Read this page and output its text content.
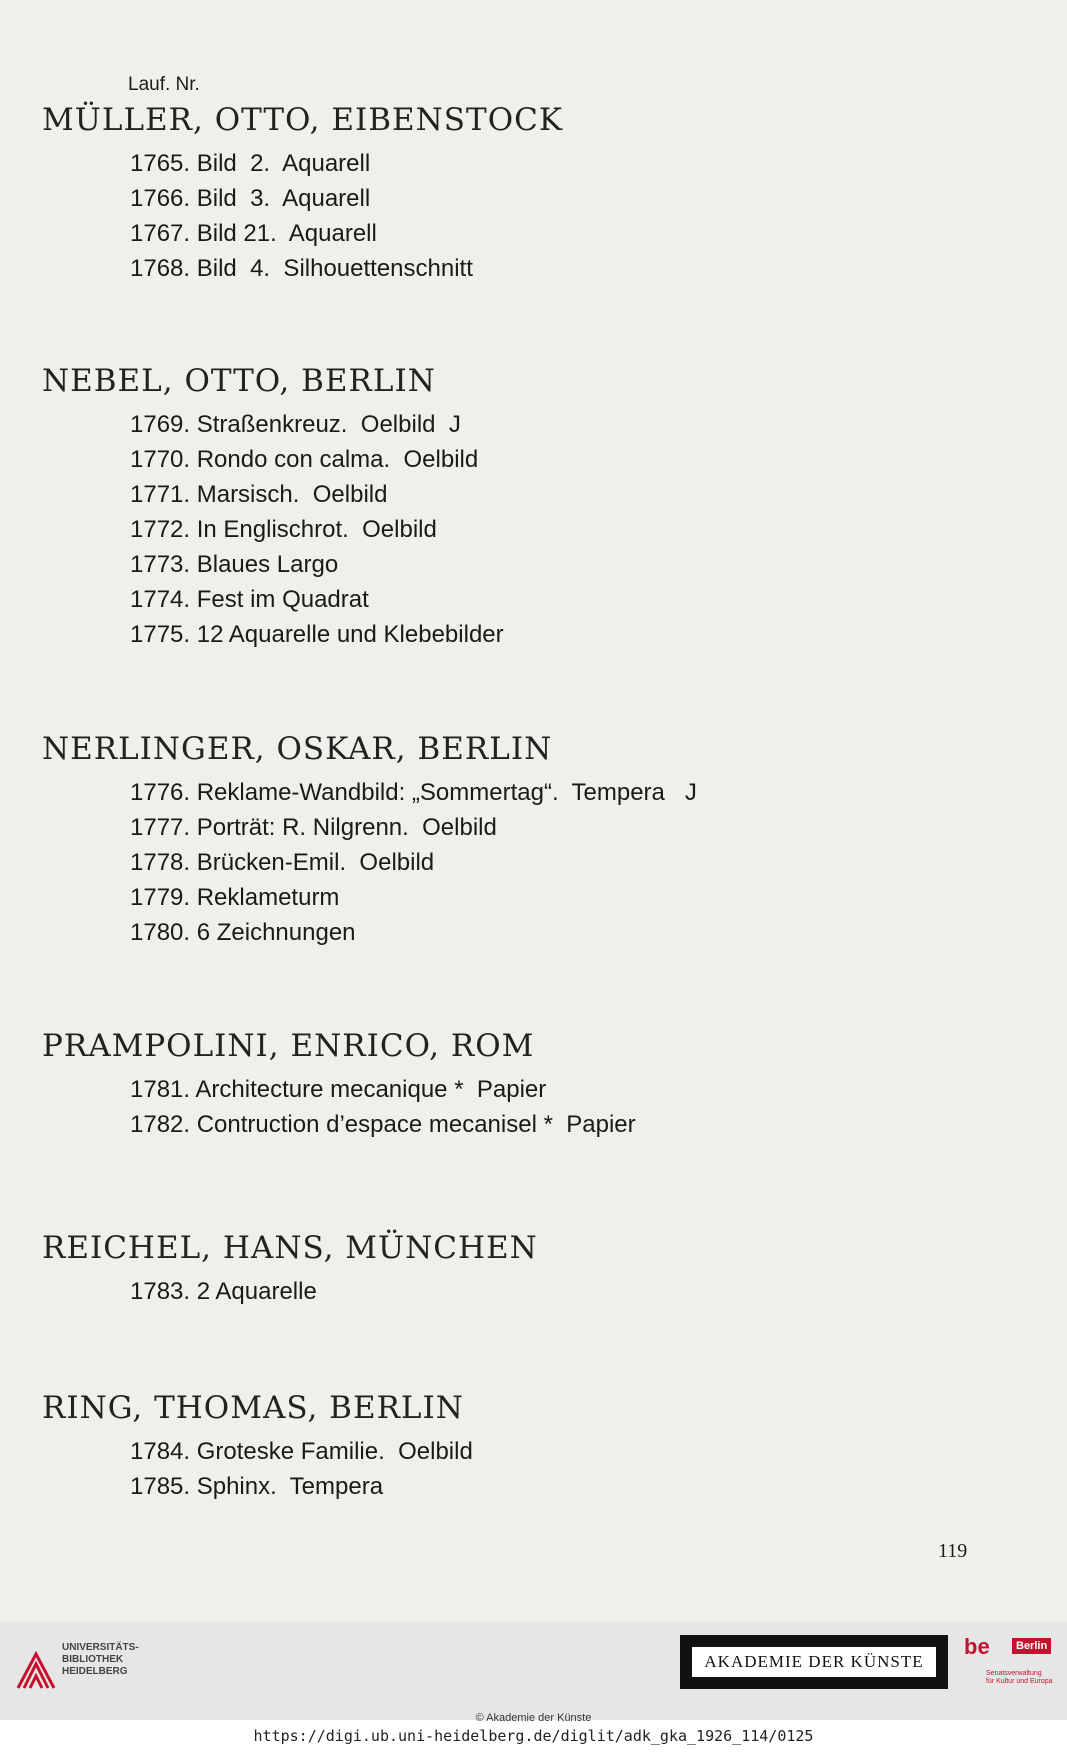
Lauf. Nr.
MÜLLER, OTTO, EIBENSTOCK
1765. Bild  2.  Aquarell
1766. Bild  3.  Aquarell
1767. Bild 21.  Aquarell
1768. Bild  4.  Silhouettenschnitt
NEBEL, OTTO, BERLIN
1769. Straßenkreuz.  Oelbild  J
1770. Rondo con calma.  Oelbild
1771. Marsisch.  Oelbild
1772. In Englischrot.  Oelbild
1773. Blaues Largo
1774. Fest im Quadrat
1775. 12 Aquarelle und Klebebilder
NERLINGER, OSKAR, BERLIN
1776. Reklame-Wandbild: „Sommertag“.  Tempera   J
1777. Porträt: R. Nilgrenn.  Oelbild
1778. Brücken-Emil.  Oelbild
1779. Reklameturm
1780. 6 Zeichnungen
PRAMPOLINI, ENRICO, ROM
1781. Architecture mecanique *  Papier
1782. Contruction d’espace mecanisel *  Papier
REICHEL, HANS, MÜNCHEN
1783. 2 Aquarelle
RING, THOMAS, BERLIN
1784. Groteske Familie.  Oelbild
1785. Sphinx.  Tempera
119
UNIVERSITÄTS-
BIBLIOTHEK
HEIDELBERG
AKADEMIE DER KÜNSTE
be	Berlin
Senatsverwaltung
für Kultur und Europa
© Akademie der Künste
https://digi.ub.uni-heidelberg.de/diglit/adk_gka_1926_114/0125
